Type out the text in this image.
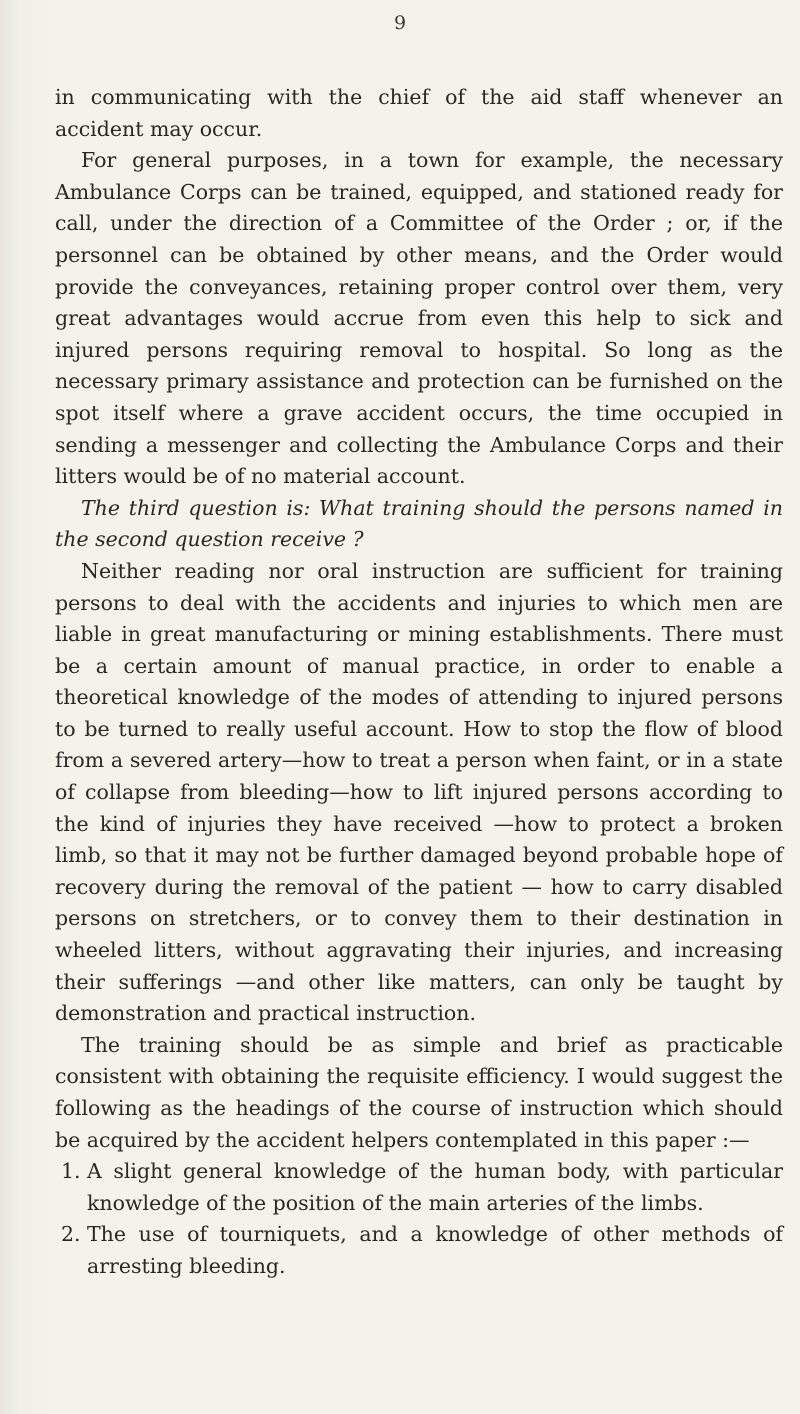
9

in communicating with the chief of the aid staff whenever an accident may occur.

For general purposes, in a town for example, the necessary Ambulance Corps can be trained, equipped, and stationed ready for call, under the direction of a Committee of the Order ; or, if the personnel can be obtained by other means, and the Order would provide the conveyances, retaining proper control over them, very great advantages would accrue from even this help to sick and injured persons requiring removal to hospital. So long as the necessary primary assistance and protection can be furnished on the spot itself where a grave accident occurs, the time occupied in sending a messenger and collecting the Ambulance Corps and their litters would be of no material account.

The third question is: What training should the persons named in the second question receive ?

Neither reading nor oral instruction are sufficient for training persons to deal with the accidents and injuries to which men are liable in great manufacturing or mining establishments. There must be a certain amount of manual practice, in order to enable a theoretical knowledge of the modes of attending to injured persons to be turned to really useful account. How to stop the flow of blood from a severed artery—how to treat a person when faint, or in a state of collapse from bleeding—how to lift injured persons according to the kind of injuries they have received —how to protect a broken limb, so that it may not be further damaged beyond probable hope of recovery during the removal of the patient — how to carry disabled persons on stretchers, or to convey them to their destination in wheeled litters, without aggravating their injuries, and increasing their sufferings —and other like matters, can only be taught by demonstration and practical instruction.

The training should be as simple and brief as practicable consistent with obtaining the requisite efficiency. I would suggest the following as the headings of the course of instruction which should be acquired by the accident helpers contemplated in this paper :—

1. A slight general knowledge of the human body, with particular knowledge of the position of the main arteries of the limbs.
2. The use of tourniquets, and a knowledge of other methods of arresting bleeding.
